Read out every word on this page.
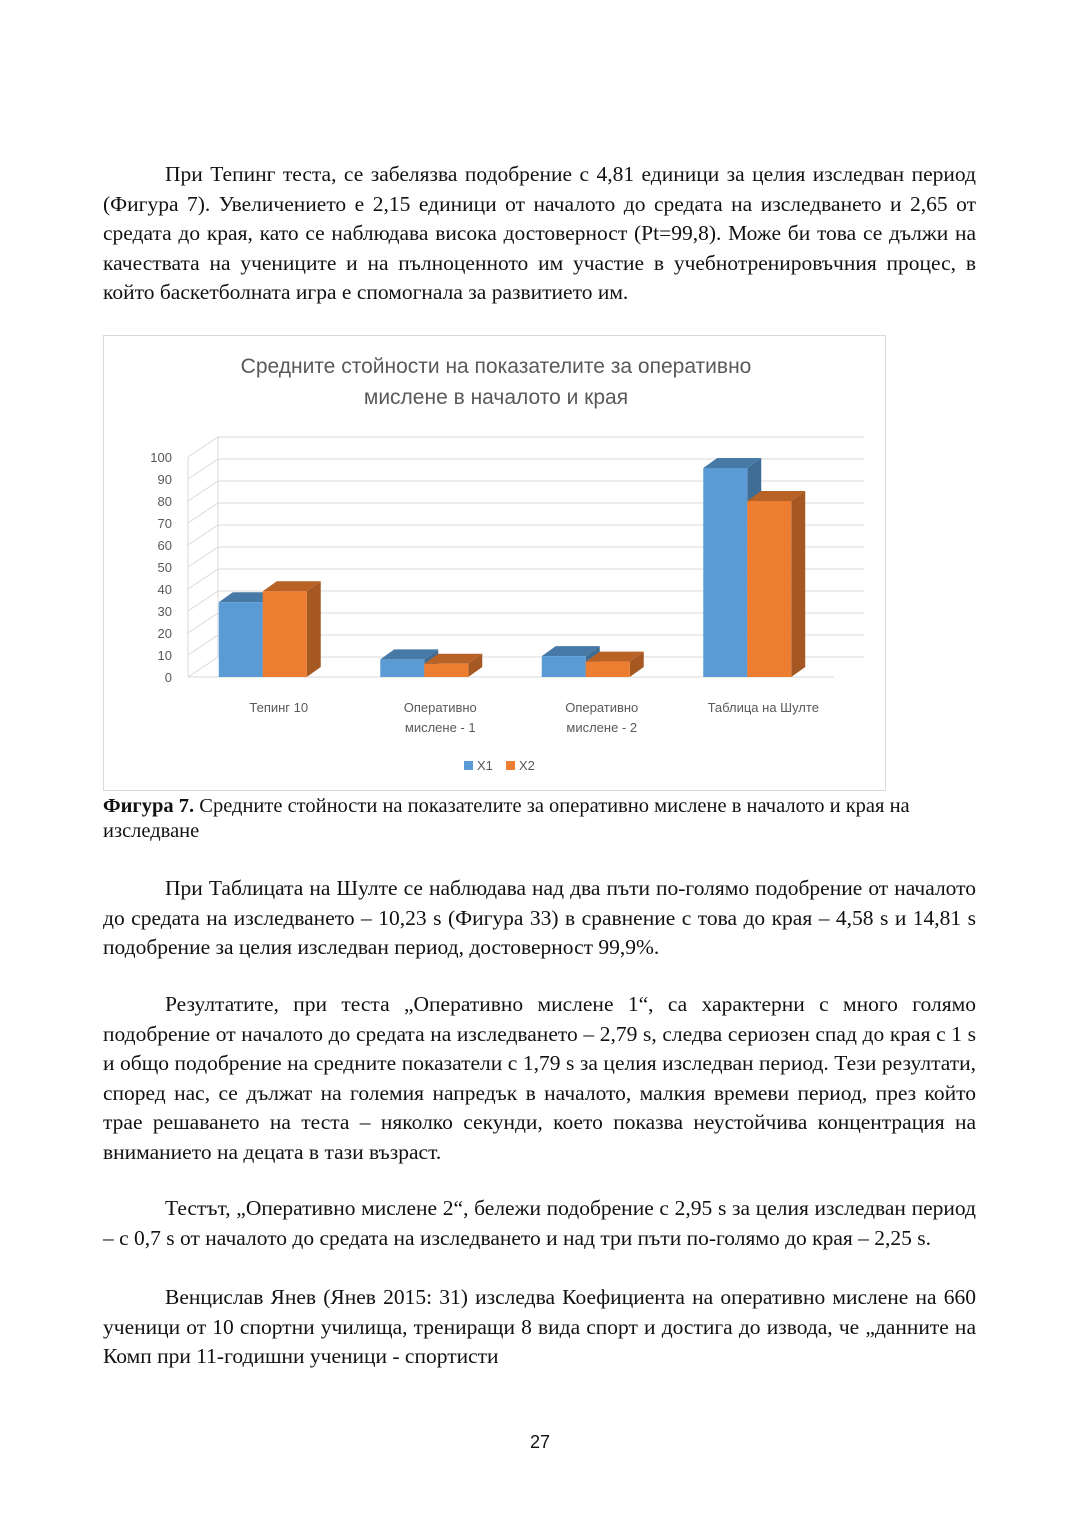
При Тепинг теста, се забелязва подобрение с 4,81 единици за целия изследван период (Фигура 7). Увеличението е 2,15 единици от началото до средата на изследването и 2,65 от средата до края, като се наблюдава висока достоверност (Pt=99,8). Може би това се дължи на качествата на учениците и на пълноценното им участие в учебнотренировъчния процес, в който баскетболната игра е спомогнала за развитието им.

Средните стойности на показателите за оперативно
мислене в началото и края
0
10
20
30
40
50
60
70
80
90
100
Тепинг 10	Оперативно
мислене - 1
Оперативно
мислене - 2
Таблица на Шулте
X1 X2

Фигура 7. Средните стойности на показателите за оперативно мислене в началото и края на изследване

При Таблицата на Шулте се наблюдава над два пъти по-голямо подобрение от началото до средата на изследването – 10,23 s (Фигура 33) в сравнение с това до края – 4,58 s и 14,81 s подобрение за целия изследван период, достоверност 99,9%.

Резултатите, при теста „Оперативно мислене 1“, са характерни с много голямо подобрение от началото до средата на изследването – 2,79 s, следва сериозен спад до края с 1 s и общо подобрение на средните показатели с 1,79 s за целия изследван период. Тези резултати, според нас, се дължат на големия напредък в началото, малкия времеви период, през който трае решаването на теста – няколко секунди, което показва неустойчива концентрация на вниманието на децата в тази възраст.

Тестът, „Оперативно мислене 2“, бележи подобрение с 2,95 s за целия изследван период – с 0,7 s от началото до средата на изследването и над три пъти по-голямо до края – 2,25 s.

Венцислав Янев (Янев 2015: 31) изследва Коефициента на оперативно мислене на 660 ученици от 10 спортни училища, трениращи 8 вида спорт и достига до извода, че „данните на Комп при 11-годишни ученици - спортисти

27
